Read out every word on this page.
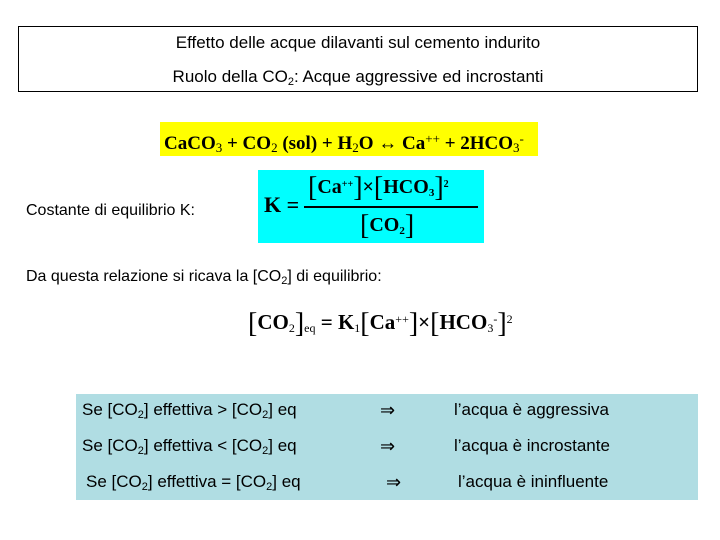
Effetto delle acque dilavanti sul cemento indurito
Ruolo della $CO_2$: Acque aggressive ed incrostanti
CaCO$_3$ + $CO_2$ $(sol) + H_2O$ ↔ $Ca^{++} + 2HCO_3^-$
Costante di equilibrio K:	K =
$[Ca^{++}]\times[HCO_3]^2$
$[CO_2]$
Da questa relazione si ricava la $[CO_2]$ di equilibrio:
$[CO_2]_{eq} = K_1[Ca^{++}]\times[HCO_3^-]^2$
Se $[CO_2]$ effettiva > $[CO_2]$ eq	⇒	l’acqua è aggressiva
Se $[CO_2]$ effettiva < $[CO_2]$ eq	⇒	l’acqua è incrostante
Se $[CO_2]$ effettiva = $[CO_2]$ eq	⇒	l’acqua è ininfluente
